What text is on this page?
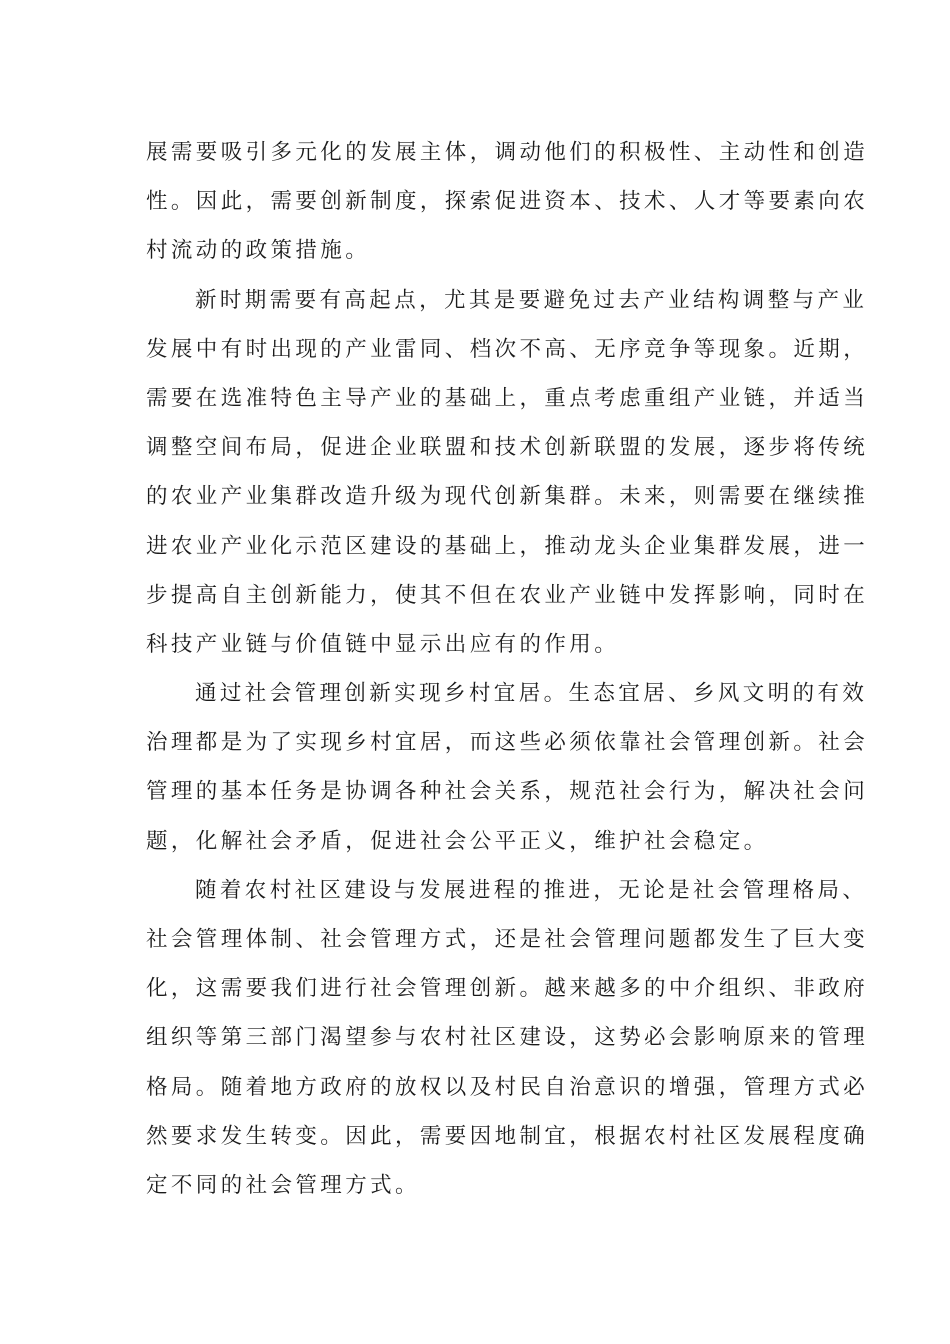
展需要吸引多元化的发展主体，调动他们的积极性、主动性和创造
性。因此，需要创新制度，探索促进资本、技术、人才等要素向农
村流动的政策措施。
新时期需要有高起点，尤其是要避免过去产业结构调整与产业
发展中有时出现的产业雷同、档次不高、无序竞争等现象。近期，
需要在选准特色主导产业的基础上，重点考虑重组产业链，并适当
调整空间布局，促进企业联盟和技术创新联盟的发展，逐步将传统
的农业产业集群改造升级为现代创新集群。未来，则需要在继续推
进农业产业化示范区建设的基础上，推动龙头企业集群发展，进一
步提高自主创新能力，使其不但在农业产业链中发挥影响，同时在
科技产业链与价值链中显示出应有的作用。
通过社会管理创新实现乡村宜居。生态宜居、乡风文明的有效
治理都是为了实现乡村宜居，而这些必须依靠社会管理创新。社会
管理的基本任务是协调各种社会关系，规范社会行为，解决社会问
题，化解社会矛盾，促进社会公平正义，维护社会稳定。
随着农村社区建设与发展进程的推进，无论是社会管理格局、
社会管理体制、社会管理方式，还是社会管理问题都发生了巨大变
化，这需要我们进行社会管理创新。越来越多的中介组织、非政府
组织等第三部门渴望参与农村社区建设，这势必会影响原来的管理
格局。随着地方政府的放权以及村民自治意识的增强，管理方式必
然要求发生转变。因此，需要因地制宜，根据农村社区发展程度确
定不同的社会管理方式。
